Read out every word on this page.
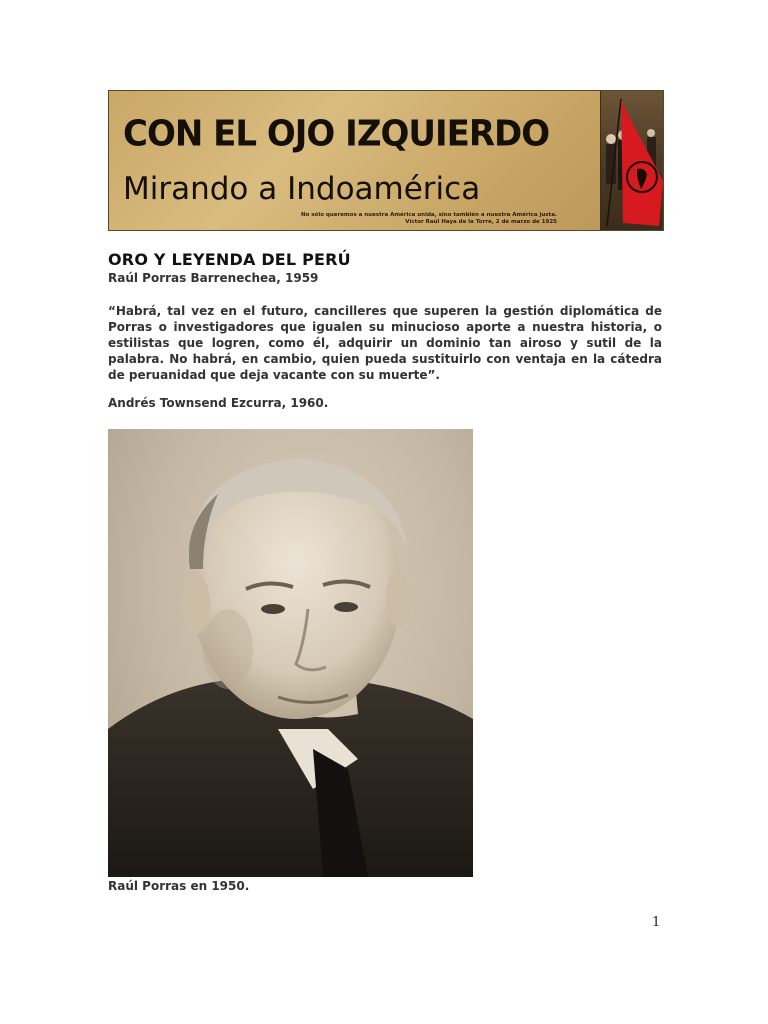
CON EL OJO IZQUIERDO
Mirando a Indoamérica
No sólo queremos a nuestra América unida, sino también a nuestra América justa.
Víctor Raúl Haya de la Torre, 2 de marzo de 1925
ORO Y LEYENDA DEL PERÚ
Raúl Porras Barrenechea, 1959
“Habrá, tal vez en el futuro, cancilleres que superen la gestión diplomática de Porras o investigadores que igualen su minucioso aporte a nuestra historia, o estilistas que logren, como él, adquirir un dominio tan airoso y sutil de la palabra. No habrá, en cambio, quien pueda sustituirlo con ventaja en la cátedra de peruanidad que deja vacante con su muerte”.
Andrés Townsend Ezcurra, 1960.
Raúl Porras en 1950.
1
